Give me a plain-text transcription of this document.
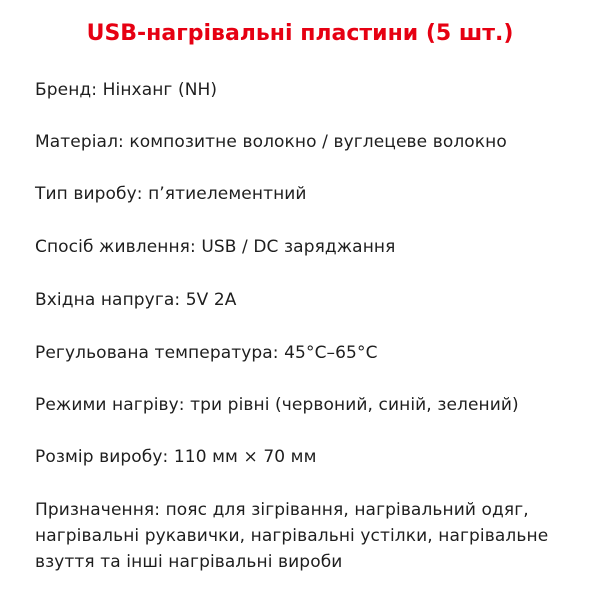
USB-нагрівальні пластини (5 шт.)
Бренд: Нінханг (NH)
Матеріал: композитне волокно / вуглецеве волокно
Тип виробу: п’ятиелементний
Спосіб живлення: USB / DC заряджання
Вхідна напруга: 5V 2A
Регульована температура: 45°C–65°C
Режими нагріву: три рівні (червоний, синій, зелений)
Розмір виробу: 110 мм × 70 мм
Призначення: пояс для зігрівання, нагрівальний одяг,
нагрівальні рукавички, нагрівальні устілки, нагрівальне
взуття та інші нагрівальні вироби
